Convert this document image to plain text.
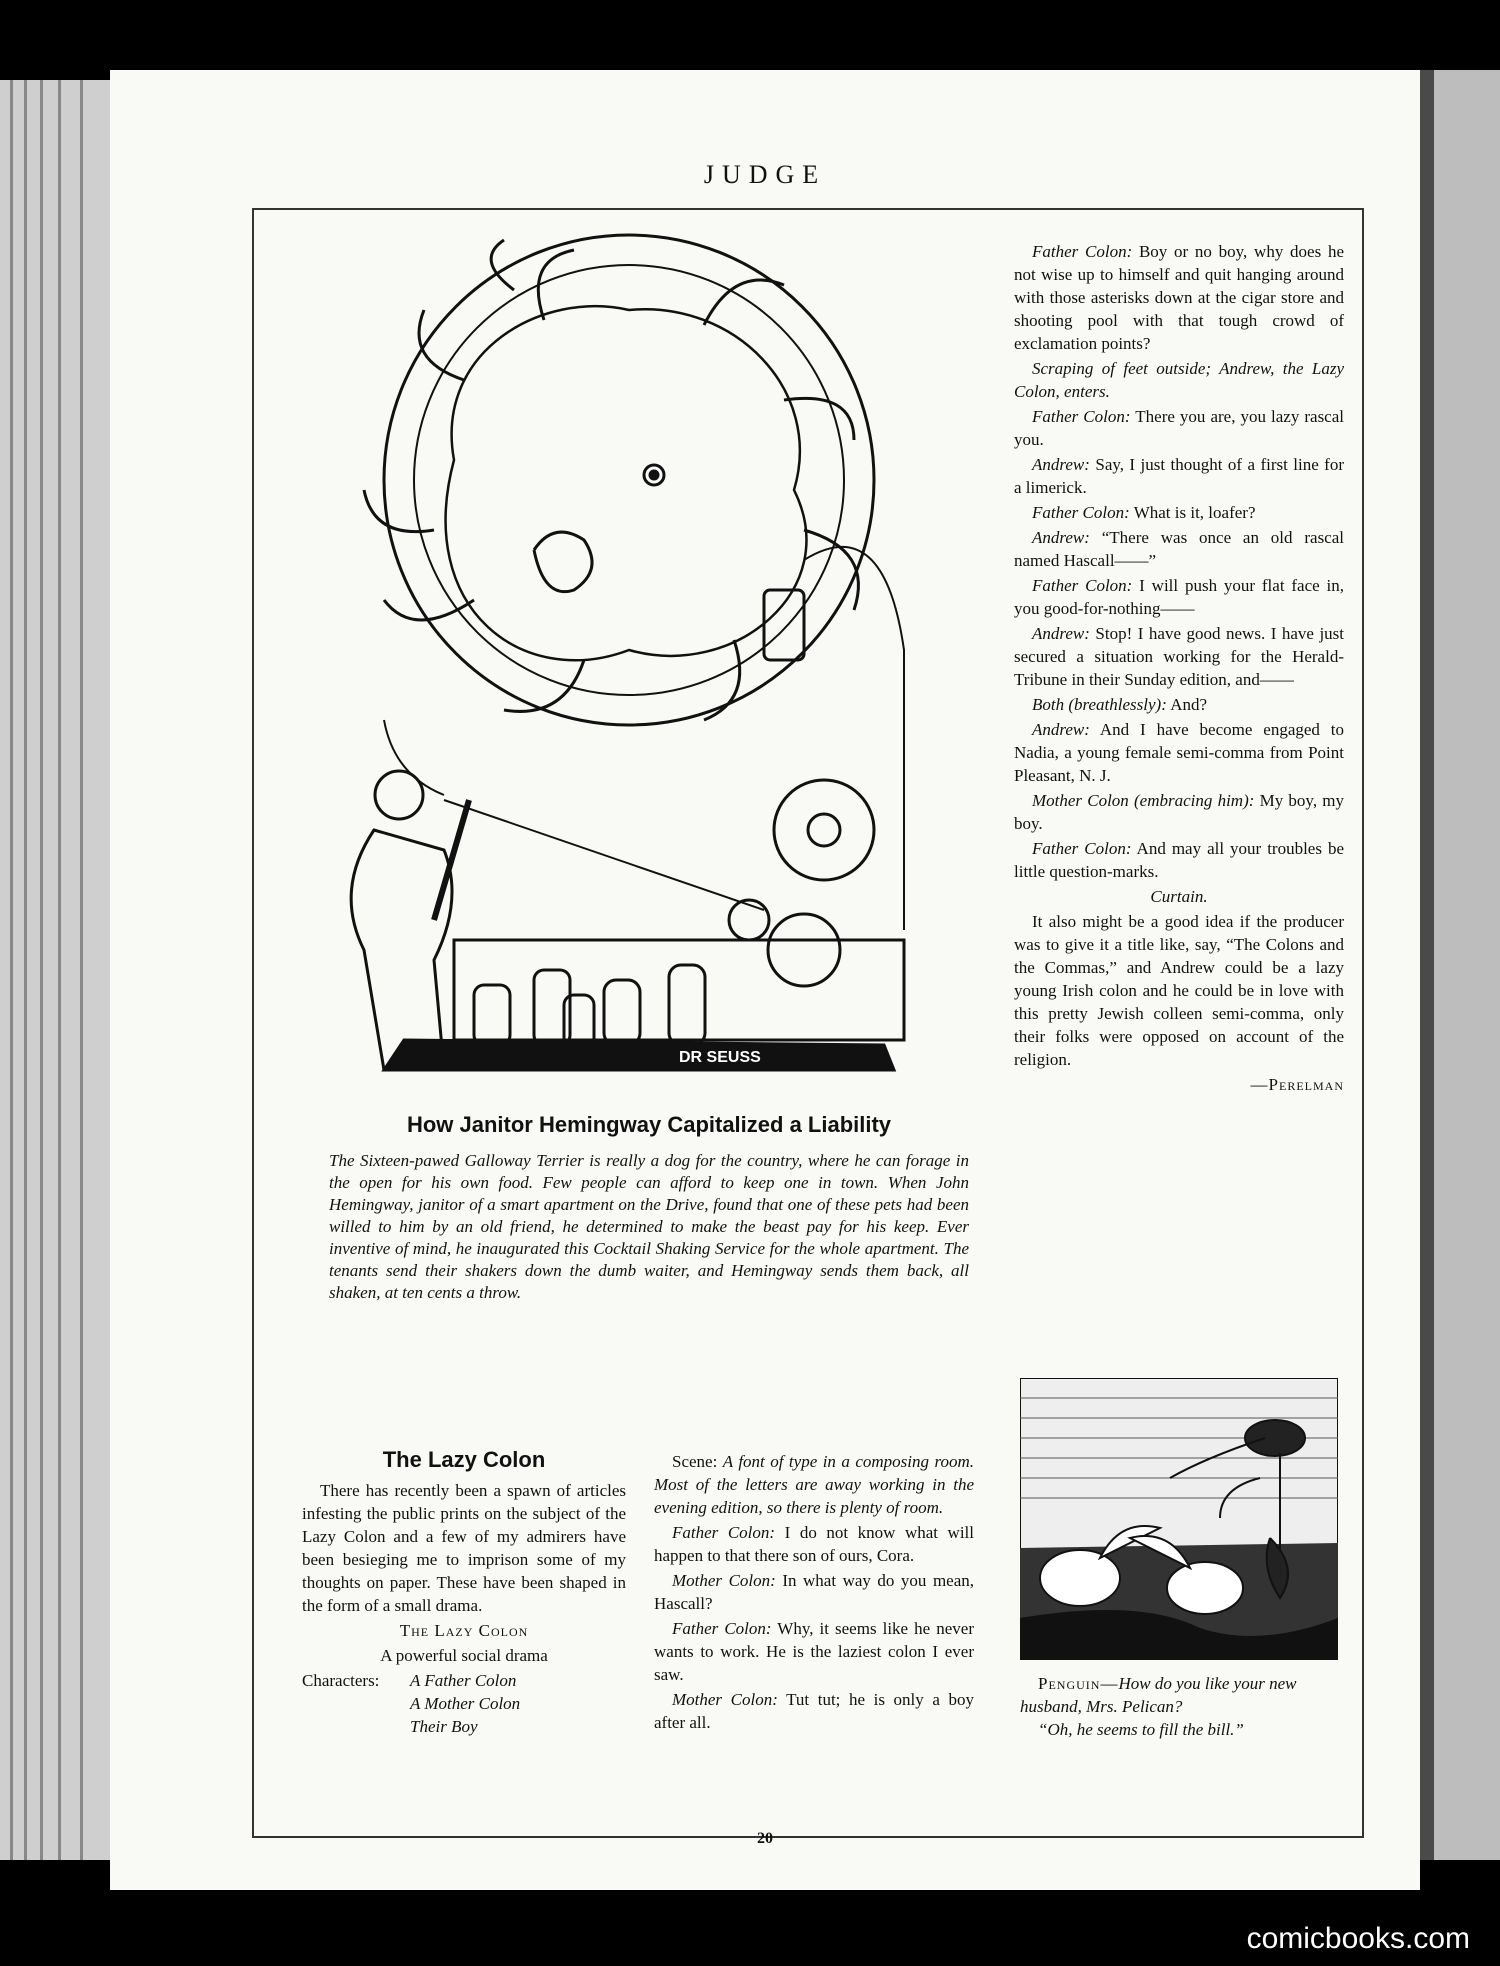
JUDGE
DR SEUSS
How Janitor Hemingway Capitalized a Liability
The Sixteen-pawed Galloway Terrier is really a dog for the country, where he can forage in the open for his own food. Few people can afford to keep one in town. When John Hemingway, janitor of a smart apartment on the Drive, found that one of these pets had been willed to him by an old friend, he determined to make the beast pay for his keep. Ever inventive of mind, he inaugurated this Cocktail Shaking Service for the whole apartment. The tenants send their shakers down the dumb waiter, and Hemingway sends them back, all shaken, at ten cents a throw.
The Lazy Colon

There has recently been a spawn of articles infesting the public prints on the subject of the Lazy Colon and a few of my admirers have been besieging me to imprison some of my thoughts on paper. These have been shaped in the form of a small drama.

The Lazy Colon

A powerful social drama

Characters:	A Father Colon
A Mother Colon
Their Boy

Scene: A font of type in a composing room. Most of the letters are away working in the evening edition, so there is plenty of room.

Father Colon: I do not know what will happen to that there son of ours, Cora.

Mother Colon: In what way do you mean, Hascall?

Father Colon: Why, it seems like he never wants to work. He is the laziest colon I ever saw.

Mother Colon: Tut tut; he is only a boy after all.

Father Colon: Boy or no boy, why does he not wise up to himself and quit hanging around with those asterisks down at the cigar store and shooting pool with that tough crowd of exclamation points?

Scraping of feet outside; Andrew, the Lazy Colon, enters.

Father Colon: There you are, you lazy rascal you.

Andrew: Say, I just thought of a first line for a limerick.

Father Colon: What is it, loafer?

Andrew: “There was once an old rascal named Hascall——”

Father Colon: I will push your flat face in, you good-for-nothing——

Andrew: Stop! I have good news. I have just secured a situation working for the Herald-Tribune in their Sunday edition, and——

Both (breathlessly): And?

Andrew: And I have become engaged to Nadia, a young female semi-comma from Point Pleasant, N. J.

Mother Colon (embracing him): My boy, my boy.

Father Colon: And may all your troubles be little question-marks.

Curtain.

It also might be a good idea if the producer was to give it a title like, say, “The Colons and the Commas,” and Andrew could be a lazy young Irish colon and he could be in love with this pretty Jewish colleen semi-comma, only their folks were opposed on account of the religion.

—Perelman

Penguin—How do you like your new husband, Mrs. Pelican?

“Oh, he seems to fill the bill.”

20
comicbooks.com
